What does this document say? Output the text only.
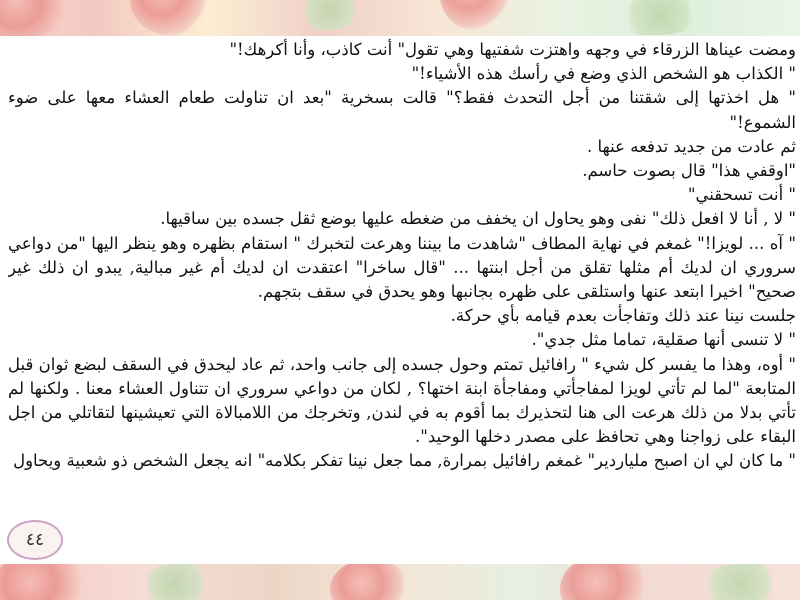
ومضت عيناها الزرقاء في وجهه واهتزت شفتيها وهي تقول" أنت كاذب، وأنا أكرهك!"

" الكذاب هو الشخص الذي وضع في رأسك هذه الأشياء!"

" هل اخذتها إلى شقتنا من أجل التحدث فقط؟" قالت بسخرية "بعد ان تناولت طعام العشاء معها على ضوء الشموع!"

ثم عادت من جديد تدفعه عنها .

"اوقفي هذا" قال بصوت حاسم.

" أنت تسحقني"

" لا , أنا لا افعل ذلك" نفى وهو يحاول ان يخفف من ضغطه عليها بوضع ثقل جسده بين ساقيها.

" آه ... لويزا!" غمغم في نهاية المطاف "شاهدت ما بيننا وهرعت لتخبرك " استقام بظهره وهو ينظر اليها "من دواعي سروري ان لديك أم مثلها تقلق من أجل ابنتها ... "قال ساخرا" اعتقدت ان لديك أم غير مبالية, يبدو ان ذلك غير صحيح" اخيرا ابتعد عنها واستلقى على ظهره بجانبها وهو يحدق في سقف بتجهم.

جلست نينا عند ذلك وتفاجأت بعدم قيامه بأي حركة.

" لا تنسى أنها صقلية، تماما مثل جدي".

" أوه، وهذا ما يفسر كل شيء " رافائيل تمتم وحول جسده إلى جانب واحد، ثم عاد ليحدق في السقف لبضع ثوان قبل المتابعة "لما لم تأتي لويزا لمفاجأتي ومفاجأة ابنة اختها؟ , لكان من دواعي سروري ان تتناول العشاء معنا . ولكنها لم تأتي بدلا من ذلك هرعت الى هنا لتحذيرك بما أقوم به في لندن, وتخرجك من اللامبالاة التي تعيشينها لتقاتلي من اجل البقاء على زواجنا وهي تحافظ على مصدر دخلها الوحيد".

" ما كان لي ان اصبح ملياردير" غمغم رافائيل بمرارة, مما جعل نينا تفكر بكلامه" انه يجعل الشخص ذو شعبية ويحاول

٤٤
